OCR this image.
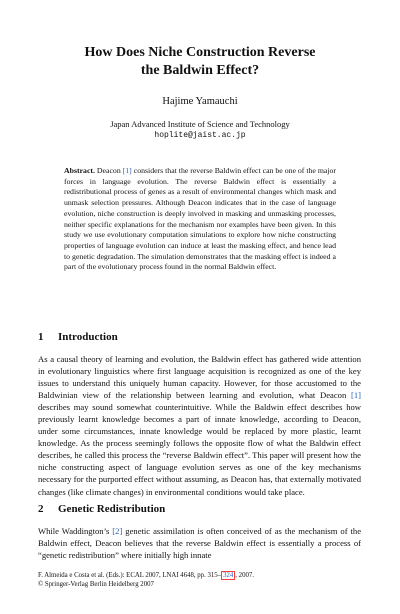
How Does Niche Construction Reverse
the Baldwin Effect?
Hajime Yamauchi
Japan Advanced Institute of Science and Technology
hoplite@jaist.ac.jp

Abstract. Deacon [1] considers that the reverse Baldwin effect can be one of the major forces in language evolution. The reverse Baldwin effect is essentially a redistributional process of genes as a result of environmental changes which mask and unmask selection pressures. Although Deacon indicates that in the case of language evolution, niche construction is deeply involved in masking and unmasking processes, neither specific explanations for the mechanism nor examples have been given. In this study we use evolutionary computation simulations to explore how niche constructing properties of language evolution can induce at least the masking effect, and hence lead to genetic degradation. The simulation demonstrates that the masking effect is indeed a part of the evolutionary process found in the normal Baldwin effect.

1 Introduction

As a causal theory of learning and evolution, the Baldwin effect has gathered wide attention in evolutionary linguistics where first language acquisition is recognized as one of the key issues to understand this uniquely human capacity. However, for those accustomed to the Baldwinian view of the relationship between learning and evolution, what Deacon [1] describes may sound somewhat counterintuitive. While the Baldwin effect describes how previously learnt knowledge becomes a part of innate knowledge, according to Deacon, under some circumstances, innate knowledge would be replaced by more plastic, learnt knowledge. As the process seemingly follows the opposite flow of what the Baldwin effect describes, he called this process the “reverse Baldwin effect”. This paper will present how the niche constructing aspect of language evolution serves as one of the key mechanisms necessary for the purported effect without assuming, as Deacon has, that externally motivated changes (like climate changes) in environmental conditions would take place.

2 Genetic Redistribution

While Waddington’s [2] genetic assimilation is often conceived of as the mechanism of the Baldwin effect, Deacon believes that the reverse Baldwin effect is essentially a process of “genetic redistribution” where initially high innate

F. Almeida e Costa et al. (Eds.): ECAL 2007, LNAI 4648, pp. 315– 324 , 2007.
© Springer-Verlag Berlin Heidelberg 2007
